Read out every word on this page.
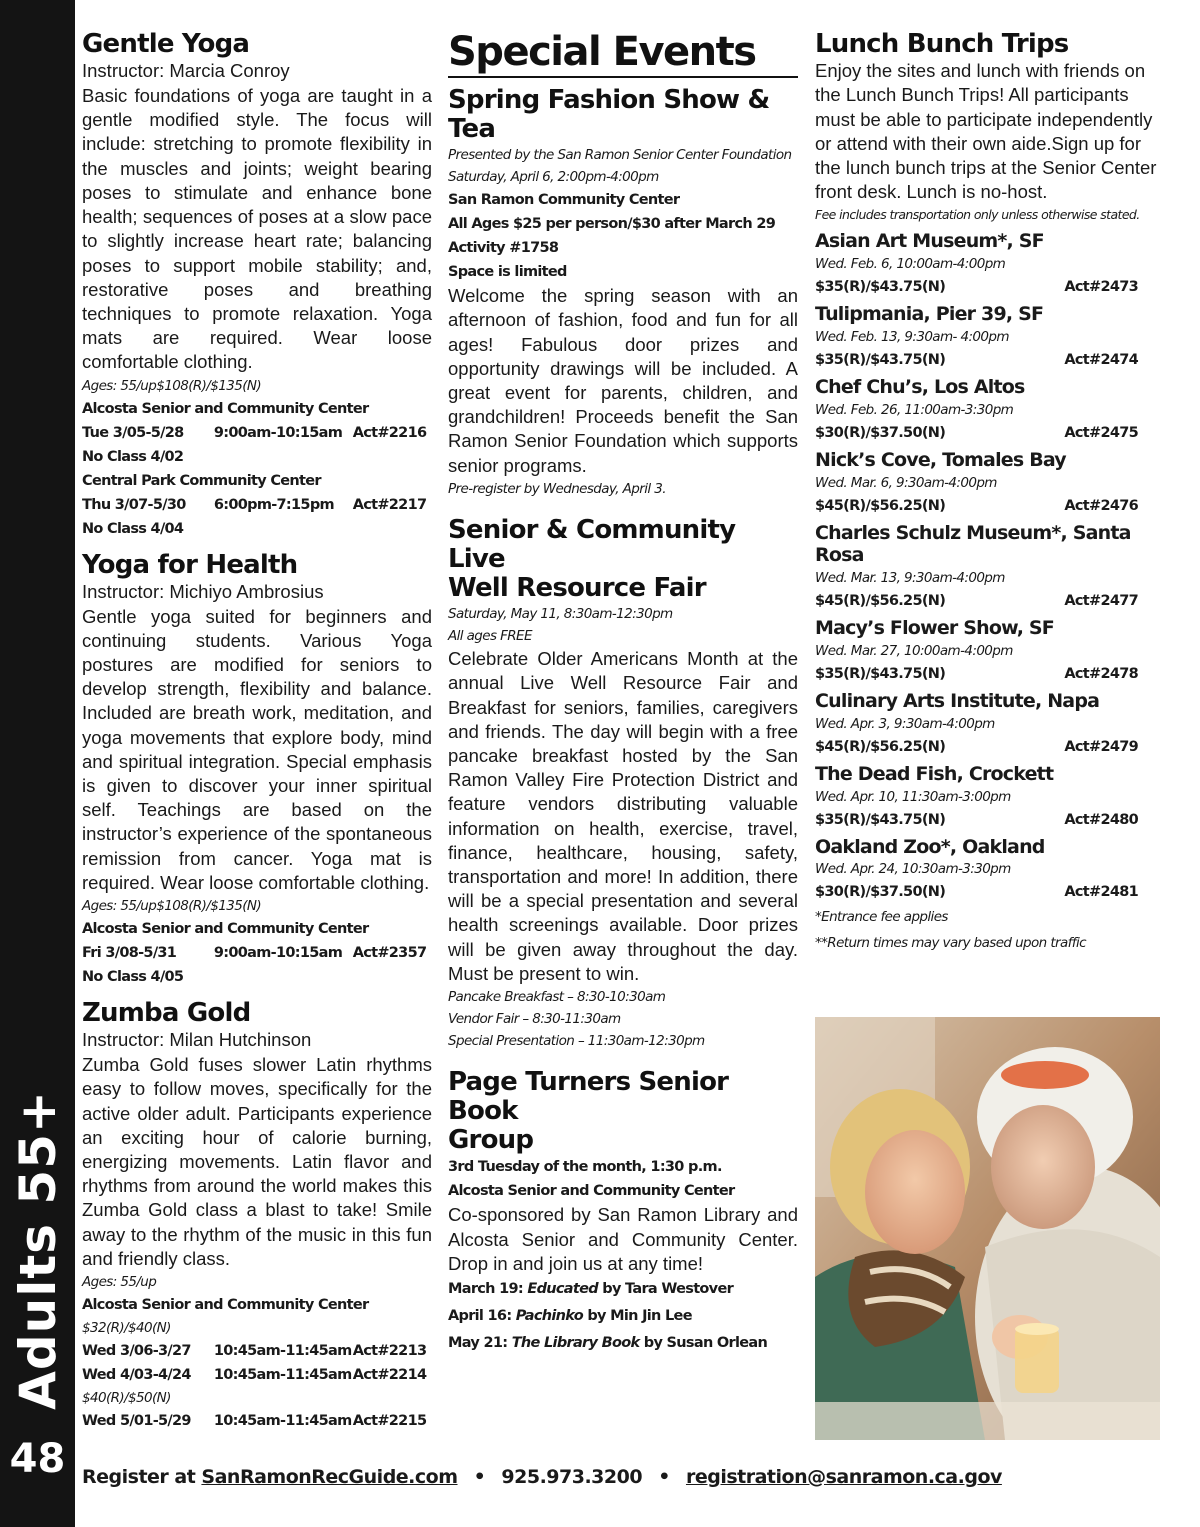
Adults 55+
48
Gentle Yoga
Instructor: Marcia Conroy

Basic foundations of yoga are taught in a gentle modified style. The focus will include: stretching to promote flexibility in the muscles and joints; weight bearing poses to stimulate and enhance bone health; sequences of poses at a slow pace to slightly increase heart rate; balancing poses to support mobile stability; and, restorative poses and breathing techniques to promote relaxation. Yoga mats are required. Wear loose comfortable clothing.

Ages: 55/up$108(R)/$135(N)
Alcosta Senior and Community Center
Tue 3/05-5/28	9:00am-10:15am Act#2216
No Class 4/02
Central Park Community Center
Thu 3/07-5/30	6:00pm-7:15pm	Act#2217
No Class 4/04
Yoga for Health
Instructor: Michiyo Ambrosius

Gentle yoga suited for beginners and continuing students. Various Yoga postures are modified for seniors to develop strength, flexibility and balance. Included are breath work, meditation, and yoga movements that explore body, mind and spiritual integration. Special emphasis is given to discover your inner spiritual self. Teachings are based on the instructor’s experience of the spontaneous remission from cancer. Yoga mat is required. Wear loose comfortable clothing.

Ages: 55/up$108(R)/$135(N)
Alcosta Senior and Community Center
Fri 3/08-5/31	9:00am-10:15am Act#2357
No Class 4/05
Zumba Gold
Instructor: Milan Hutchinson

Zumba Gold fuses slower Latin rhythms easy to follow moves, specifically for the active older adult. Participants experience an exciting hour of calorie burning, energizing movements. Latin flavor and rhythms from around the world makes this Zumba Gold class a blast to take! Smile away to the rhythm of the music in this fun and friendly class.

Ages: 55/up
Alcosta Senior and Community Center
$32(R)/$40(N)
Wed 3/06-3/27	10:45am-11:45am Act#2213
Wed 4/03-4/24	10:45am-11:45am Act#2214
$40(R)/$50(N)
Wed 5/01-5/29	10:45am-11:45am Act#2215
Special Events
Spring Fashion Show & Tea
Presented by the San Ramon Senior Center Foundation
Saturday, April 6, 2:00pm-4:00pm
San Ramon Community Center
All Ages $25 per person/$30 after March 29
Activity #1758
Space is limited

Welcome the spring season with an afternoon of fashion, food and fun for all ages! Fabulous door prizes and opportunity drawings will be included. A great event for parents, children, and grandchildren! Proceeds benefit the San Ramon Senior Foundation which supports senior programs.

Pre-register by Wednesday, April 3.
Senior & Community Live
Well Resource Fair
Saturday, May 11, 8:30am-12:30pm
All ages FREE

Celebrate Older Americans Month at the annual Live Well Resource Fair and Breakfast for seniors, families, caregivers and friends. The day will begin with a free pancake breakfast hosted by the San Ramon Valley Fire Protection District and feature vendors distributing valuable information on health, exercise, travel, finance, healthcare, housing, safety, transportation and more! In addition, there will be a special presentation and several health screenings available. Door prizes will be given away throughout the day. Must be present to win.

Pancake Breakfast – 8:30-10:30am
Vendor Fair – 8:30-11:30am
Special Presentation – 11:30am-12:30pm
Page Turners Senior Book
Group
3rd Tuesday of the month, 1:30 p.m.
Alcosta Senior and Community Center

Co-sponsored by San Ramon Library and Alcosta Senior and Community Center. Drop in and join us at any time!

March 19: Educated by Tara Westover
April 16: Pachinko by Min Jin Lee
May 21: The Library Book by Susan Orlean
Lunch Bunch Trips

Enjoy the sites and lunch with friends on the Lunch Bunch Trips! All participants must be able to participate independently or attend with their own aide.Sign up for the lunch bunch trips at the Senior Center front desk. Lunch is no-host.

Fee includes transportation only unless otherwise stated.
Asian Art Museum*, SF
Wed. Feb. 6, 10:00am-4:00pm
$35(R)/$43.75(N)	Act#2473
Tulipmania, Pier 39, SF
Wed. Feb. 13, 9:30am- 4:00pm
$35(R)/$43.75(N)	Act#2474
Chef Chu’s, Los Altos
Wed. Feb. 26, 11:00am-3:30pm
$30(R)/$37.50(N)	Act#2475
Nick’s Cove, Tomales Bay
Wed. Mar. 6, 9:30am-4:00pm
$45(R)/$56.25(N)	Act#2476
Charles Schulz Museum*, Santa Rosa
Wed. Mar. 13, 9:30am-4:00pm
$45(R)/$56.25(N)	Act#2477
Macy’s Flower Show, SF
Wed. Mar. 27, 10:00am-4:00pm
$35(R)/$43.75(N)	Act#2478
Culinary Arts Institute, Napa
Wed. Apr. 3, 9:30am-4:00pm
$45(R)/$56.25(N)	Act#2479
The Dead Fish, Crockett
Wed. Apr. 10, 11:30am-3:00pm
$35(R)/$43.75(N)	Act#2480
Oakland Zoo*, Oakland
Wed. Apr. 24, 10:30am-3:30pm
$30(R)/$37.50(N)	Act#2481
*Entrance fee applies
**Return times may vary based upon traffic
Register at SanRamonRecGuide.com • 925.973.3200 • registration@sanramon.ca.gov
